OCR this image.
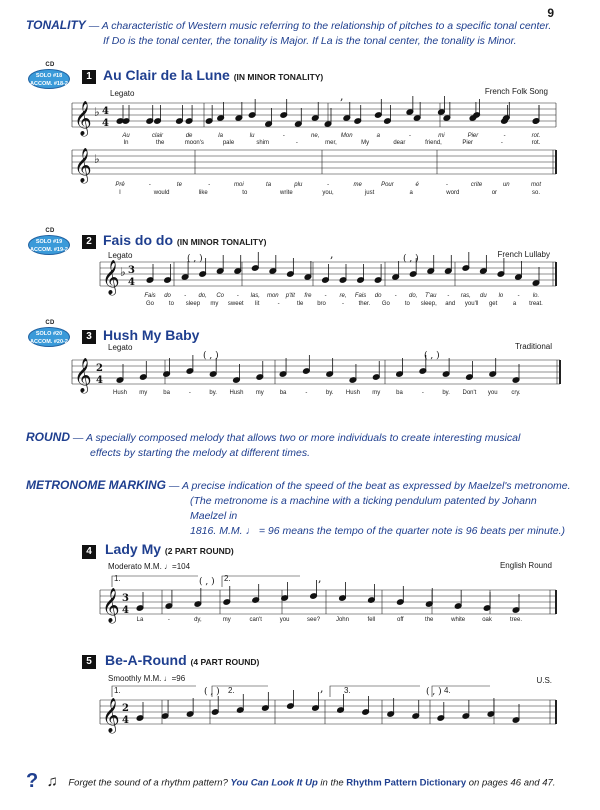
9
TONALITY — A characteristic of Western music referring to the relationship of pitches to a specific tonal center.
If Do is the tonal center, the tonality is Major. If La is the tonal center, the tonality is Minor.
CD
SOLO #18
ACCOM. #18-2
1 Au Clair de la Lune (IN MINOR TONALITY)
Legato	French Folk Song
𝄞 ♭ 4
4
𝄞 ♭
𝄞 ♭ 3
4
𝄞 2
4
𝄞 3
4
𝄞 2
4
,
,
,
,
( , )	( , )
( , )	( , )
( , )
( , )	( , )
Au	clair	de	la	lu	-	ne,	Mon	a	-	mi	Pier	-	rot.
In	the	moon's	pale	shim	-	mer,	My	dear	friend,	Pier	-	rot.
Prê	-	te	-	moi	ta	plu	-	me	Pour	é	-	crite	un	mot
I	would	like	to	write	you,	just	a	word	or	so.
CD
SOLO #19
ACCOM. #19-2
2 Fais do do (IN MINOR TONALITY)
Legato	French Lullaby
Fais do - do, Co - las, mon p'tit fre - re, Fais do - do, T'au - ras, du lo - lo.
Go to sleep my sweet lit	-	tle bro	- ther. Go to sleep, and you'll get	a treat.
CD
SOLO #20
ACCOM. #20-2	3 Hush My Baby
Legato	Traditional
Hush my	ba	-	by. Hush my	ba	-	by. Hush my	ba	-	by. Don't you cry.
ROUND — A specially composed melody that allows two or more individuals to create interesting musical
effects by starting the melody at different times.
METRONOME MARKING — A precise indication of the speed of the beat as expressed by Maelzel's metronome.
(The metronome is a machine with a ticking pendulum patented by Johann Maelzel in
1816. M.M. ♩ = 96 means the tempo of the quarter note is 96 beats per minute.)
4 Lady My (2 PART ROUND)
Moderato M.M. ♩=104	English Round
1.	2.
La	-	dy,	my	can't	you	see?	John	fell	off	the	white	oak	tree.
5 Be-A-Round (4 PART ROUND)
Smoothly M.M. ♩=96	U.S.
1.	2.	3.	4.
? ♫ Forget the sound of a rhythm pattern? You Can Look It Up in the Rhythm Pattern Dictionary on pages 46 and 47.
